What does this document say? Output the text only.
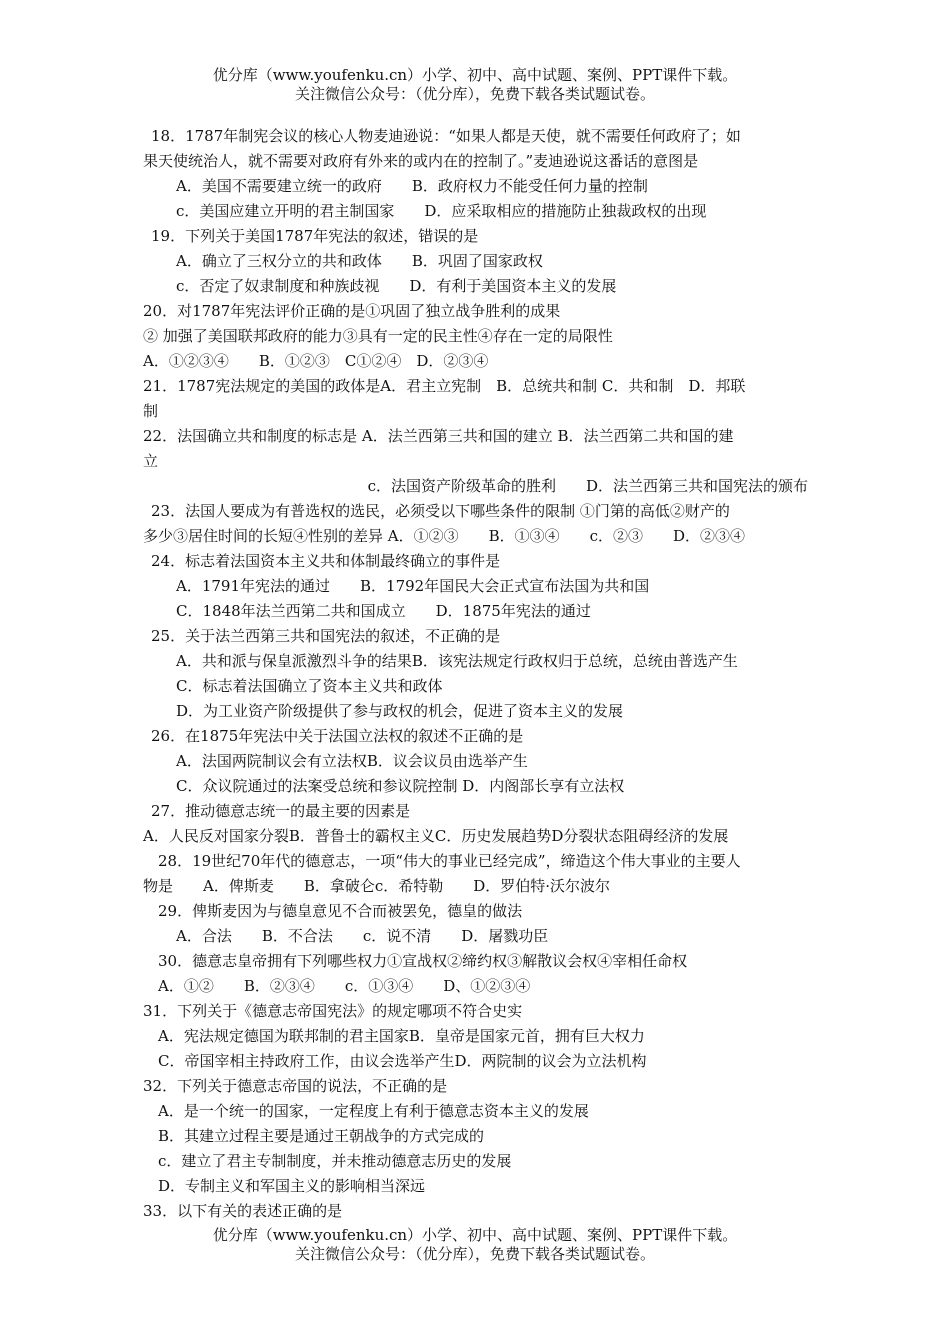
优分库（www.youfenku.cn）小学、初中、高中试题、案例、PPT课件下载。
关注微信公众号：（优分库），免费下载各类试题试卷。
18．1787年制宪会议的核心人物麦迪逊说：“如果人都是天使，就不需要任何政府了；如
果天使统治人，就不需要对政府有外来的或内在的控制了。”麦迪逊说这番话的意图是
A．美国不需要建立统一的政府　　B．政府权力不能受任何力量的控制
c．美国应建立开明的君主制国家　　D．应采取相应的措施防止独裁政权的出现
19．下列关于美国1787年宪法的叙述，错误的是
A．确立了三权分立的共和政体　　B．巩固了国家政权
c．否定了奴隶制度和种族歧视　　D．有利于美国资本主义的发展
20．对1787年宪法评价正确的是①巩固了独立战争胜利的成果
② 加强了美国联邦政府的能力③具有一定的民主性④存在一定的局限性
A．①②③④　　B．①②③　C①②④　D．②③④
21．1787宪法规定的美国的政体是A．君主立宪制　B．总统共和制 C．共和制　D．邦联
制
22．法国确立共和制度的标志是 A．法兰西第三共和国的建立 B．法兰西第二共和国的建
立
c．法国资产阶级革命的胜利　　D．法兰西第三共和国宪法的颁布
23．法国人要成为有普选权的选民，必须受以下哪些条件的限制 ①门第的高低②财产的
多少③居住时间的长短④性别的差异 A．①②③　　B．①③④　　c．②③　　D．②③④
24．标志着法国资本主义共和体制最终确立的事件是
A．1791年宪法的通过　　B．1792年国民大会正式宣布法国为共和国
C．1848年法兰西第二共和国成立　　D．1875年宪法的通过
25．关于法兰西第三共和国宪法的叙述，不正确的是
A．共和派与保皇派激烈斗争的结果B．该宪法规定行政权归于总统，总统由普选产生
C．标志着法国确立了资本主义共和政体
D．为工业资产阶级提供了参与政权的机会，促进了资本主义的发展
26．在1875年宪法中关于法国立法权的叙述不正确的是
A．法国两院制议会有立法权B．议会议员由选举产生
C．众议院通过的法案受总统和参议院控制 D．内阁部长享有立法权
27．推动德意志统一的最主要的因素是
A．人民反对国家分裂B．普鲁士的霸权主义C．历史发展趋势D分裂状态阻碍经济的发展
28．19世纪70年代的德意志，一项“伟大的事业已经完成”，缔造这个伟大事业的主要人
物是　　A．俾斯麦　　B．拿破仑c．希特勒　　D．罗伯特·沃尔波尔
29．俾斯麦因为与德皇意见不合而被罢免，德皇的做法
A．合法　　B．不合法　　c．说不清　　D．屠戮功臣
30．德意志皇帝拥有下列哪些权力①宣战权②缔约权③解散议会权④宰相任命权
A．①②　　B．②③④　　c．①③④　　D、①②③④
31．下列关于《德意志帝国宪法》的规定哪项不符合史实
A．宪法规定德国为联邦制的君主国家B．皇帝是国家元首，拥有巨大权力
C．帝国宰相主持政府工作，由议会选举产生D．两院制的议会为立法机构
32．下列关于德意志帝国的说法，不正确的是
A．是一个统一的国家，一定程度上有利于德意志资本主义的发展
B．其建立过程主要是通过王朝战争的方式完成的
c．建立了君主专制制度，并未推动德意志历史的发展
D．专制主义和军国主义的影响相当深远
33．以下有关的表述正确的是
优分库（www.youfenku.cn）小学、初中、高中试题、案例、PPT课件下载。
关注微信公众号：（优分库），免费下载各类试题试卷。
